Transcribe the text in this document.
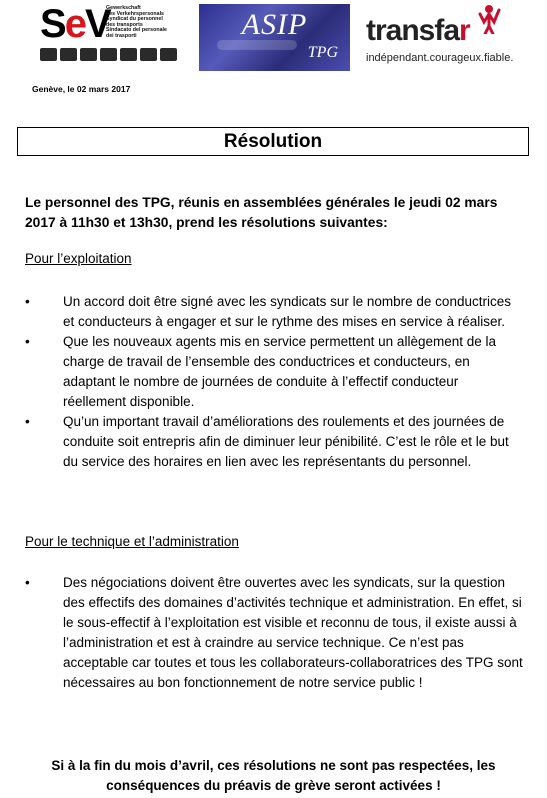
SeV
Gewerkschaft
des Verkehrspersonals
Syndicat du personnel
des transports
Sindacato del personale
dei trasporti	ASIP
TPG
transfar
indépendant.courageux.fiable.
Genève, le 02 mars 2017
Résolution
Le personnel des TPG, réunis en assemblées générales le jeudi 02 mars 2017 à 11h30 et 13h30, prend les résolutions suivantes:
Pour l’exploitation
• Un accord doit être signé avec les syndicats sur le nombre de conductrices et conducteurs à engager et sur le rythme des mises en service à réaliser.
• Que les nouveaux agents mis en service permettent un allègement de la charge de travail de l’ensemble des conductrices et conducteurs, en adaptant le nombre de journées de conduite à l’effectif conducteur réellement disponible.
• Qu’un important travail d’améliorations des roulements et des journées de conduite soit entrepris afin de diminuer leur pénibilité. C’est le rôle et le but du service des horaires en lien avec les représentants du personnel.
Pour le technique et l’administration
• Des négociations doivent être ouvertes avec les syndicats, sur la question des effectifs des domaines d’activités technique et administration. En effet, si le sous-effectif à l’exploitation est visible et reconnu de tous, il existe aussi à l’administration et est à craindre au service technique. Ce n’est pas acceptable car toutes et tous les collaborateurs-collaboratrices des TPG sont nécessaires au bon fonctionnement de notre service public !
Si à la fin du mois d’avril, ces résolutions ne sont pas respectées, les conséquences du préavis de grève seront activées !
